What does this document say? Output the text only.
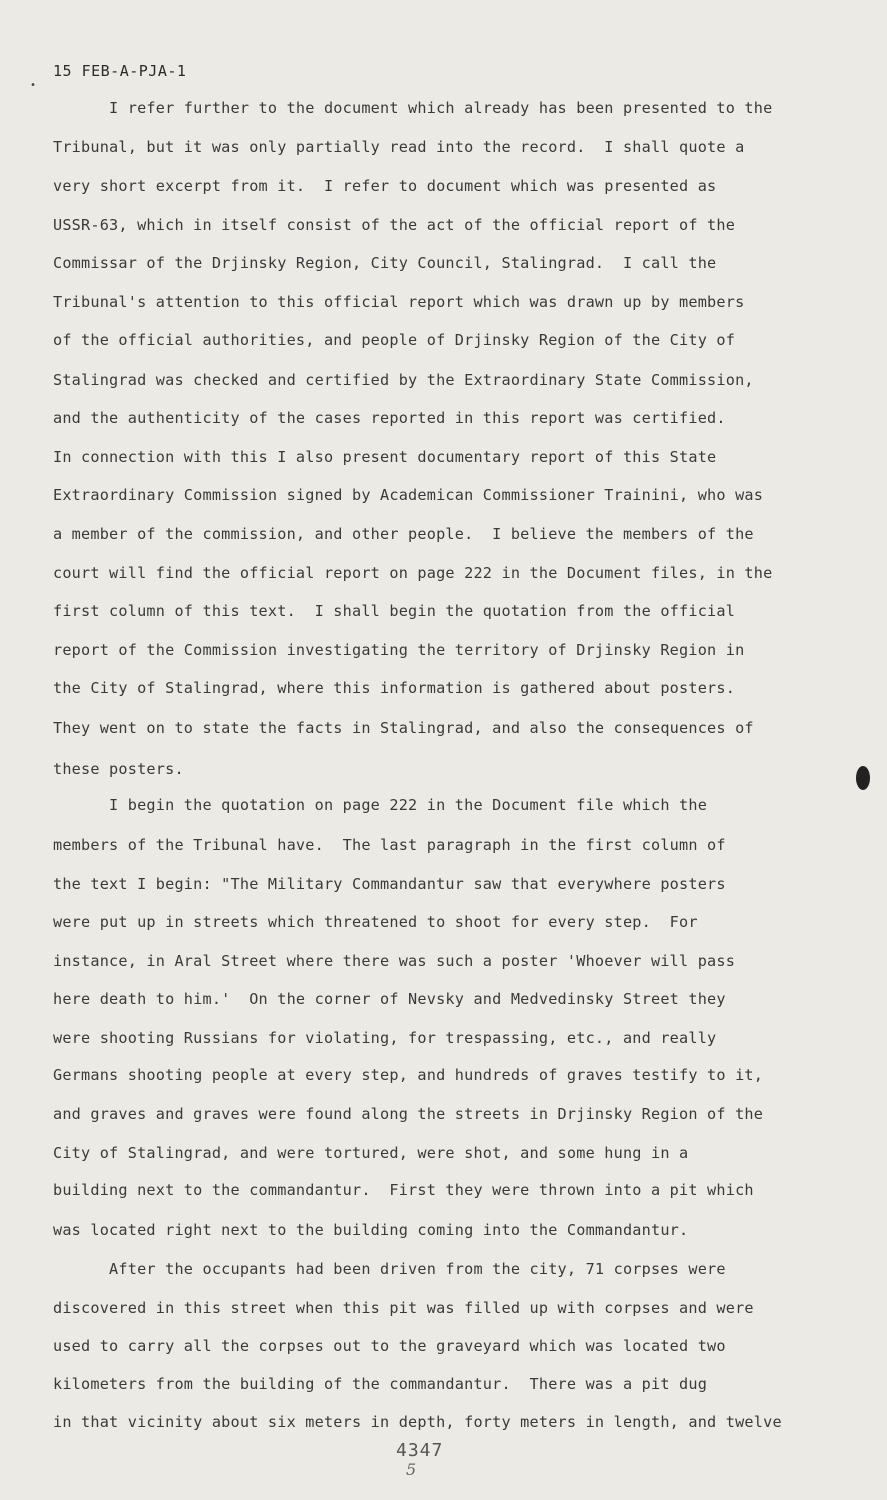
•
15 FEB-A-PJA-1
I refer further to the document which already has been presented to the
Tribunal, but it was only partially read into the record.  I shall quote a
very short excerpt from it.  I refer to document which was presented as
USSR-63, which in itself consist of the act of the official report of the
Commissar of the Drjinsky Region, City Council, Stalingrad.  I call the
Tribunal's attention to this official report which was drawn up by members
of the official authorities, and people of Drjinsky Region of the City of
Stalingrad was checked and certified by the Extraordinary State Commission,
and the authenticity of the cases reported in this report was certified.
In connection with this I also present documentary report of this State
Extraordinary Commission signed by Academican Commissioner Trainini, who was
a member of the commission, and other people.  I believe the members of the
court will find the official report on page 222 in the Document files, in the
first column of this text.  I shall begin the quotation from the official
report of the Commission investigating the territory of Drjinsky Region in
the City of Stalingrad, where this information is gathered about posters.
They went on to state the facts in Stalingrad, and also the consequences of
these posters.
I begin the quotation on page 222 in the Document file which the
members of the Tribunal have.  The last paragraph in the first column of
the text I begin: "The Military Commandantur saw that everywhere posters
were put up in streets which threatened to shoot for every step.  For
instance, in Aral Street where there was such a poster 'Whoever will pass
here death to him.'  On the corner of Nevsky and Medvedinsky Street they
were shooting Russians for violating, for trespassing, etc., and really
Germans shooting people at every step, and hundreds of graves testify to it,
and graves and graves were found along the streets in Drjinsky Region of the
City of Stalingrad, and were tortured, were shot, and some hung in a
building next to the commandantur.  First they were thrown into a pit which
was located right next to the building coming into the Commandantur.
After the occupants had been driven from the city, 71 corpses were
discovered in this street when this pit was filled up with corpses and were
used to carry all the corpses out to the graveyard which was located two
kilometers from the building of the commandantur.  There was a pit dug
in that vicinity about six meters in depth, forty meters in length, and twelve
4347
5
